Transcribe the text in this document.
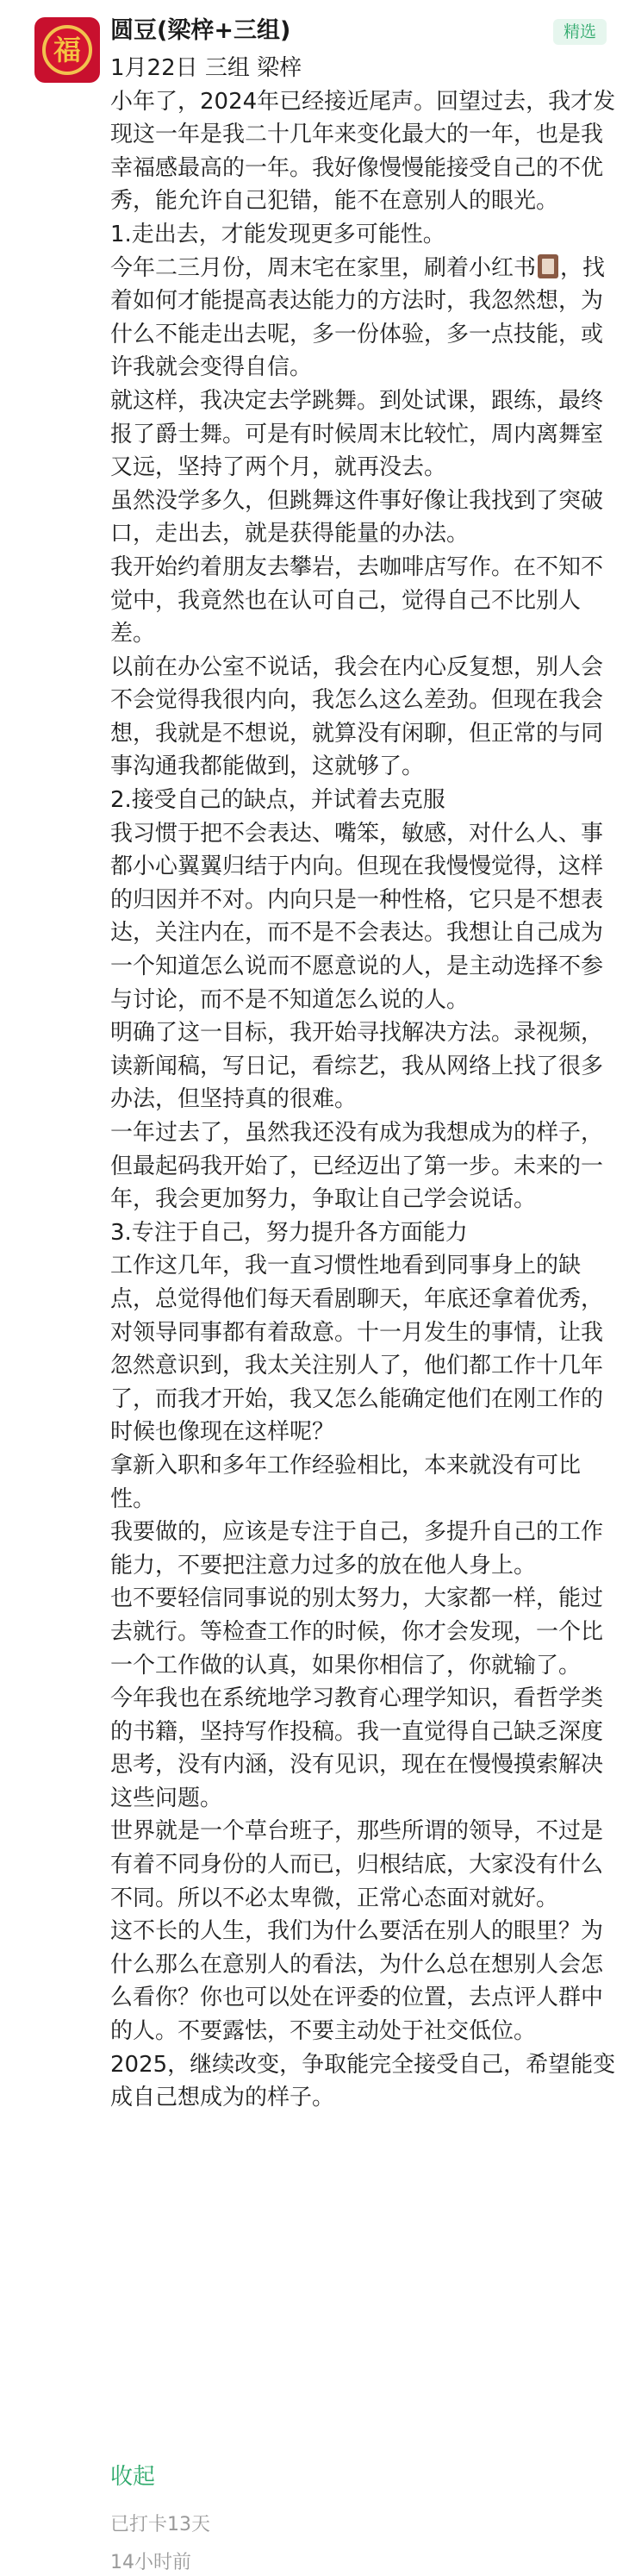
福
圆豆(梁梓+三组)	精选

1月22日 三组 梁梓

小年了，2024年已经接近尾声。回望过去，我才发现这一年是我二十几年来变化最大的一年，也是我幸福感最高的一年。我好像慢慢能接受自己的不优秀，能允许自己犯错，能不在意别人的眼光。

1.走出去，才能发现更多可能性。

今年二三月份，周末宅在家里，刷着小红书 ，找着如何才能提高表达能力的方法时，我忽然想，为什么不能走出去呢，多一份体验，多一点技能，或许我就会变得自信。

就这样，我决定去学跳舞。到处试课，跟练，最终报了爵士舞。可是有时候周末比较忙，周内离舞室又远，坚持了两个月，就再没去。

虽然没学多久，但跳舞这件事好像让我找到了突破口，走出去，就是获得能量的办法。

我开始约着朋友去攀岩，去咖啡店写作。在不知不觉中，我竟然也在认可自己，觉得自己不比别人差。

以前在办公室不说话，我会在内心反复想，别人会不会觉得我很内向，我怎么这么差劲。但现在我会想，我就是不想说，就算没有闲聊，但正常的与同事沟通我都能做到，这就够了。

2.接受自己的缺点，并试着去克服

我习惯于把不会表达、嘴笨，敏感，对什么人、事都小心翼翼归结于内向。但现在我慢慢觉得，这样的归因并不对。内向只是一种性格，它只是不想表达，关注内在，而不是不会表达。我想让自己成为一个知道怎么说而不愿意说的人，是主动选择不参与讨论，而不是不知道怎么说的人。

明确了这一目标，我开始寻找解决方法。录视频，读新闻稿，写日记，看综艺，我从网络上找了很多办法，但坚持真的很难。

一年过去了，虽然我还没有成为我想成为的样子，但最起码我开始了，已经迈出了第一步。未来的一年，我会更加努力，争取让自己学会说话。

3.专注于自己，努力提升各方面能力

工作这几年，我一直习惯性地看到同事身上的缺点，总觉得他们每天看剧聊天，年底还拿着优秀，对领导同事都有着敌意。十一月发生的事情，让我忽然意识到，我太关注别人了，他们都工作十几年了，而我才开始，我又怎么能确定他们在刚工作的时候也像现在这样呢？

拿新入职和多年工作经验相比，本来就没有可比性。

我要做的，应该是专注于自己，多提升自己的工作能力，不要把注意力过多的放在他人身上。

也不要轻信同事说的别太努力，大家都一样，能过去就行。等检查工作的时候，你才会发现，一个比一个工作做的认真，如果你相信了，你就输了。

今年我也在系统地学习教育心理学知识，看哲学类的书籍，坚持写作投稿。我一直觉得自己缺乏深度思考，没有内涵，没有见识，现在在慢慢摸索解决这些问题。

世界就是一个草台班子，那些所谓的领导，不过是有着不同身份的人而已，归根结底，大家没有什么不同。所以不必太卑微，正常心态面对就好。

这不长的人生，我们为什么要活在别人的眼里？为什么那么在意别人的看法，为什么总在想别人会怎么看你？你也可以处在评委的位置，去点评人群中的人。不要露怯，不要主动处于社交低位。

2025，继续改变，争取能完全接受自己，希望能变成自己想成为的样子。

收起
已打卡13天
14小时前
